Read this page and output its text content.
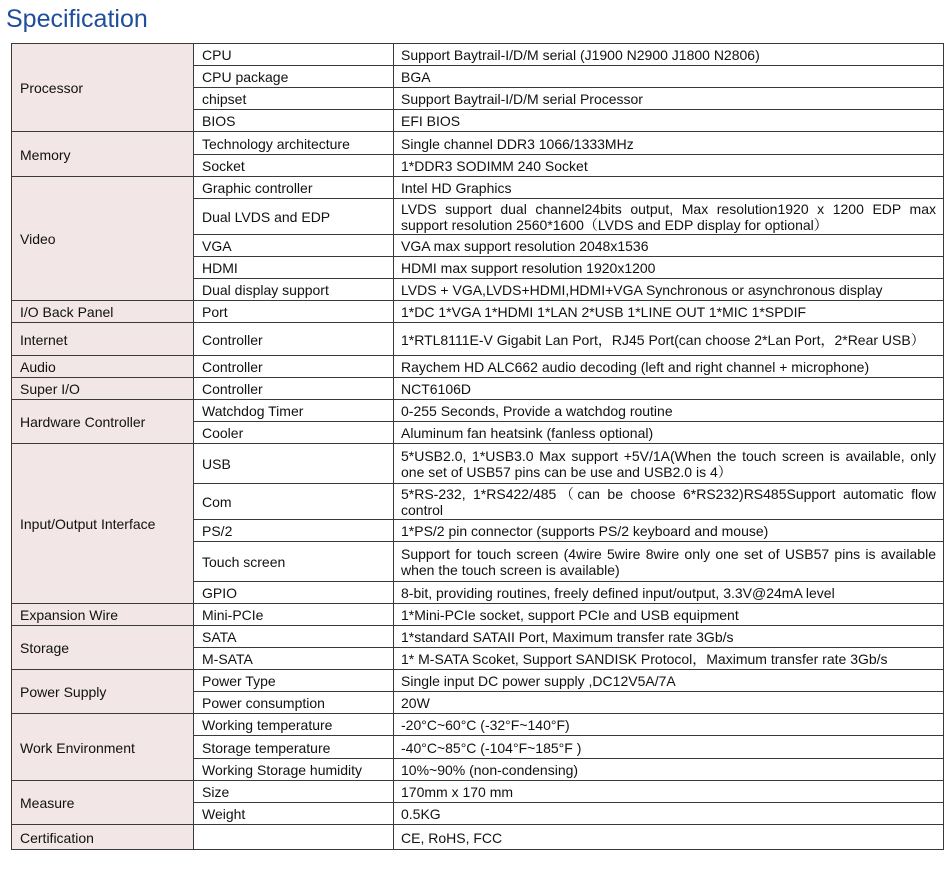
Specification
Processor	CPU	Support Baytrail-I/D/M serial (J1900 N2900 J1800 N2806)
	CPU package	BGA
	chipset	Support Baytrail-I/D/M serial Processor
	BIOS	EFI BIOS
Memory	Technology architecture	Single channel DDR3 1066/1333MHz
	Socket	1*DDR3 SODIMM 240 Socket
Video	Graphic controller	Intel HD Graphics
	Dual LVDS and EDP	LVDS support dual channel24bits output, Max resolution1920 x 1200 EDP max support resolution 2560*1600（LVDS and EDP display for optional）
	VGA	VGA max support resolution 2048x1536
	HDMI	HDMI max support resolution 1920x1200
	Dual display support	LVDS + VGA,LVDS+HDMI,HDMI+VGA Synchronous or asynchronous display
I/O Back Panel	Port	1*DC 1*VGA 1*HDMI 1*LAN 2*USB 1*LINE OUT 1*MIC 1*SPDIF
Internet	Controller	1*RTL8111E-V Gigabit Lan Port，RJ45 Port(can choose 2*Lan Port，2*Rear USB）
Audio	Controller	Raychem HD ALC662 audio decoding (left and right channel + microphone)
Super I/O	Controller	NCT6106D
Hardware Controller	Watchdog Timer	0-255 Seconds, Provide a watchdog routine
	Cooler	Aluminum fan heatsink (fanless optional)
Input/Output Interface	USB	5*USB2.0, 1*USB3.0 Max support +5V/1A(When the touch screen is available, only one set of USB57 pins can be use and USB2.0 is 4）
	Com	5*RS-232, 1*RS422/485（can be choose 6*RS232)RS485Support automatic flow control
	PS/2	1*PS/2 pin connector (supports PS/2 keyboard and mouse)
	Touch screen	Support for touch screen (4wire 5wire 8wire only one set of USB57 pins is available when the touch screen is available)
	GPIO	8-bit, providing routines, freely defined input/output, 3.3V@24mA level
Expansion Wire	Mini-PCIe	1*Mini-PCIe socket, support PCIe and USB equipment
Storage	SATA	1*standard SATAII Port, Maximum transfer rate 3Gb/s
	M-SATA	1* M-SATA Scoket, Support SANDISK Protocol，Maximum transfer rate 3Gb/s
Power Supply	Power Type	Single input DC power supply ,DC12V5A/7A
	Power consumption	20W
Work Environment	Working temperature	-20°C~60°C (-32°F~140°F)
	Storage temperature	-40°C~85°C (-104°F~185°F )
	Working Storage humidity	10%~90% (non-condensing)
Measure	Size	170mm x 170 mm
	Weight	0.5KG
Certification		CE, RoHS, FCC
